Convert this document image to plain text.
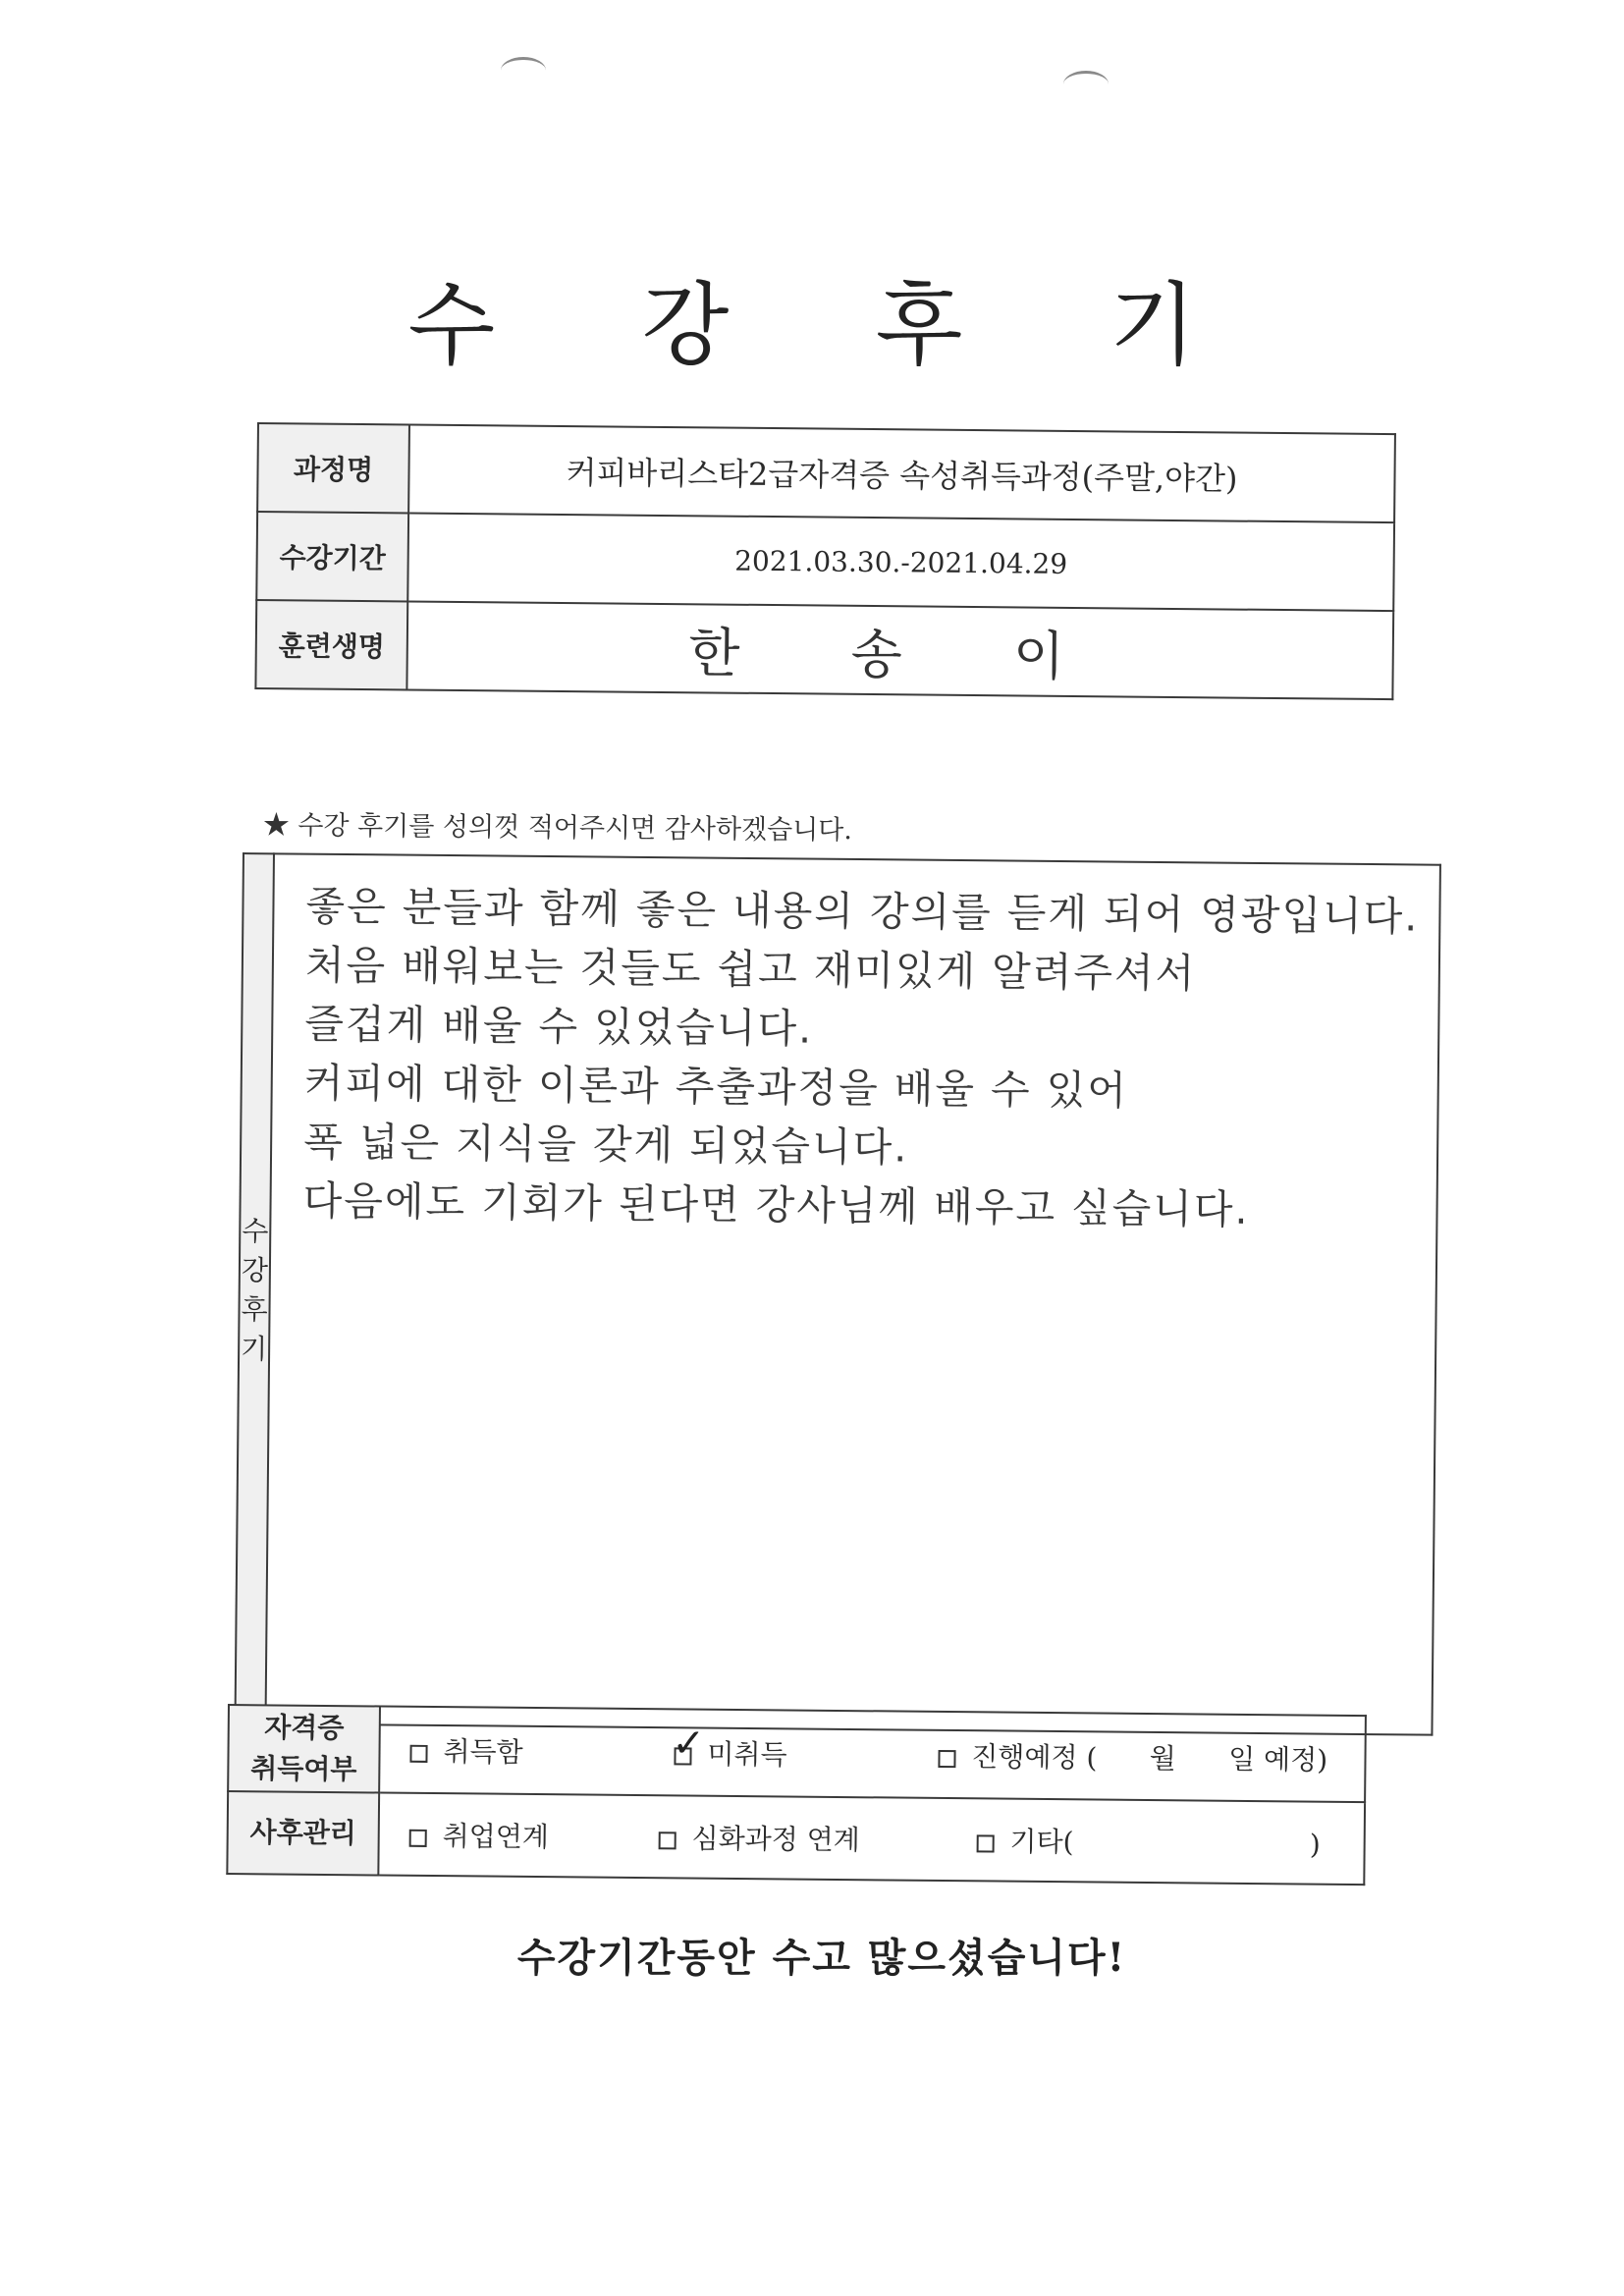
수 강 후 기
과정명	커피바리스타2급자격증 속성취득과정(주말,야간)
수강기간	2021.03.30.-2021.04.29
훈련생명	한 송 이
★ 수강 후기를 성의껏 적어주시면 감사하겠습니다.
수강후기	
좋은 분들과 함께 좋은 내용의 강의를 듣게 되어 영광입니다.
처음 배워보는 것들도 쉽고 재미있게 알려주셔서
즐겁게 배울 수 있었습니다.
커피에 대한 이론과 추출과정을 배울 수 있어
폭 넓은 지식을 갖게 되었습니다.
다음에도 기회가 된다면 강사님께 배우고 싶습니다.
자격증
취득여부	취득함 ✓ 미취득 진행예정 (      월      일 예정)
사후관리	취업연계 심화과정 연계 기타(                           )
수강기간동안 수고 많으셨습니다!
